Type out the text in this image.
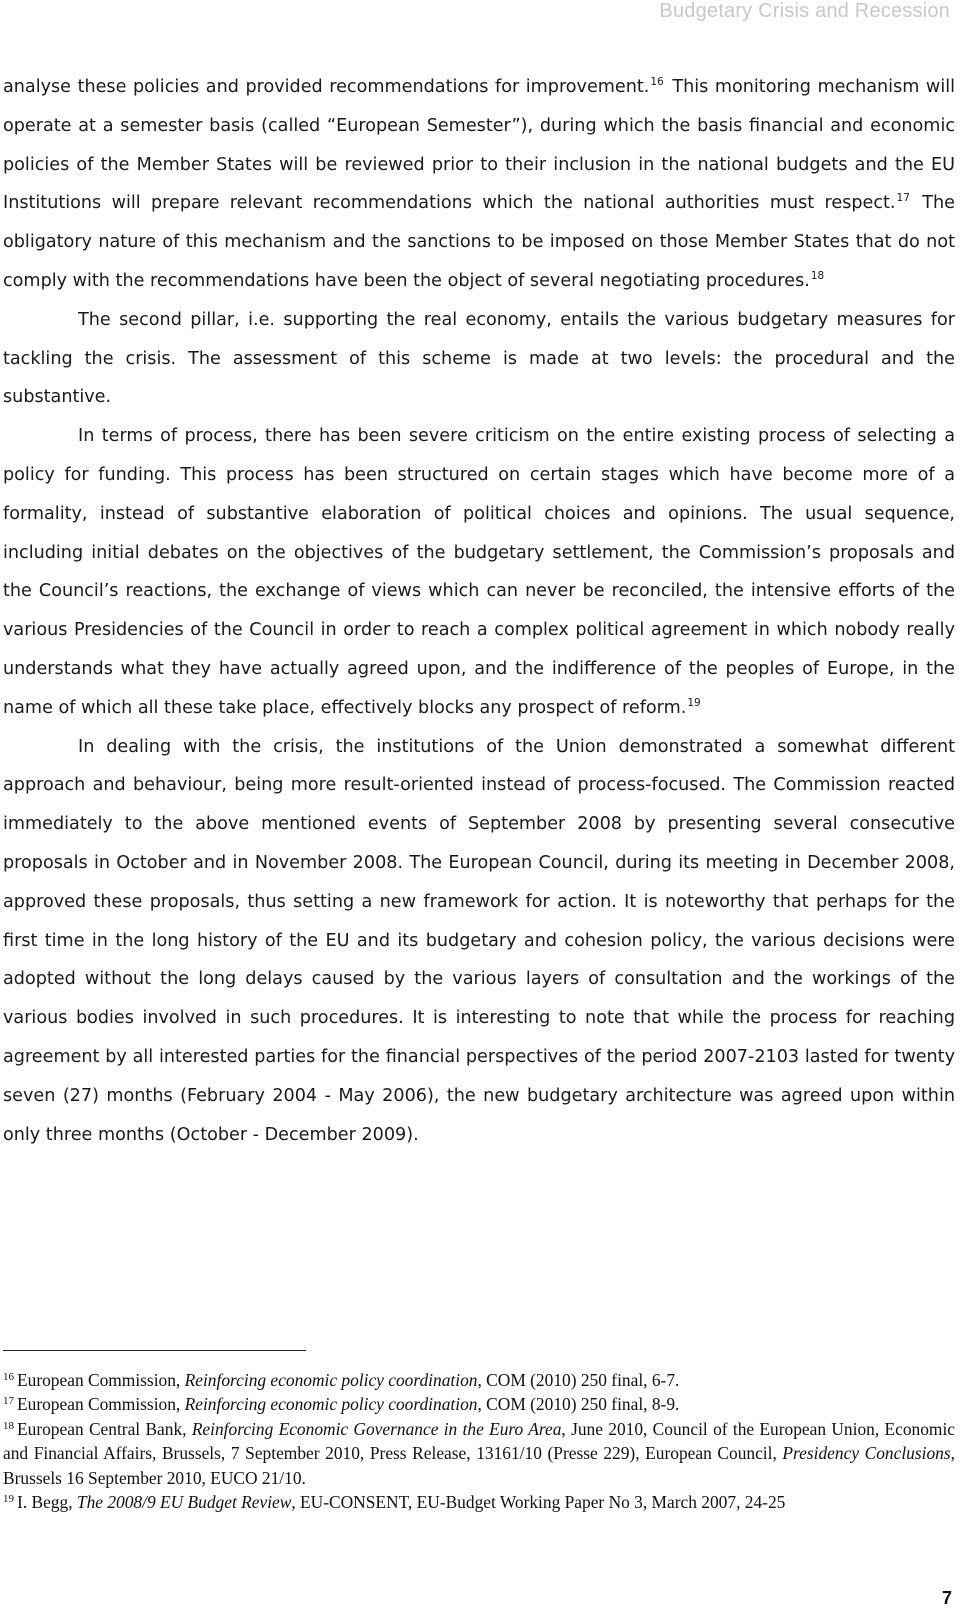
Budgetary Crisis and Recession

analyse these policies and provided recommendations for improvement.$^{16}$ This monitoring mechanism will operate at a semester basis (called “European Semester”), during which the basis financial and economic policies of the Member States will be reviewed prior to their inclusion in the national budgets and the EU Institutions will prepare relevant recommendations which the national authorities must respect.$^{17}$ The obligatory nature of this mechanism and the sanctions to be imposed on those Member States that do not comply with the recommendations have been the object of several negotiating procedures.$^{18}$

The second pillar, i.e. supporting the real economy, entails the various budgetary measures for tackling the crisis. The assessment of this scheme is made at two levels: the procedural and the substantive.

In terms of process, there has been severe criticism on the entire existing process of selecting a policy for funding. This process has been structured on certain stages which have become more of a formality, instead of substantive elaboration of political choices and opinions. The usual sequence, including initial debates on the objectives of the budgetary settlement, the Commission’s proposals and the Council’s reactions, the exchange of views which can never be reconciled, the intensive efforts of the various Presidencies of the Council in order to reach a complex political agreement in which nobody really understands what they have actually agreed upon, and the indifference of the peoples of Europe, in the name of which all these take place, effectively blocks any prospect of reform.$^{19}$

In dealing with the crisis, the institutions of the Union demonstrated a somewhat different approach and behaviour, being more result-oriented instead of process-focused. The Commission reacted immediately to the above mentioned events of September 2008 by presenting several consecutive proposals in October and in November 2008. The European Council, during its meeting in December 2008, approved these proposals, thus setting a new framework for action. It is noteworthy that perhaps for the first time in the long history of the EU and its budgetary and cohesion policy, the various decisions were adopted without the long delays caused by the various layers of consultation and the workings of the various bodies involved in such procedures. It is interesting to note that while the process for reaching agreement by all interested parties for the financial perspectives of the period 2007-2103 lasted for twenty seven (27) months (February 2004 - May 2006), the new budgetary architecture was agreed upon within only three months (October - December 2009).

$^{16}$ European Commission, Reinforcing economic policy coordination, COM (2010) 250 final, 6-7.

$^{17}$ European Commission, Reinforcing economic policy coordination, COM (2010) 250 final, 8-9.

$^{18}$ European Central Bank, Reinforcing Economic Governance in the Euro Area, June 2010, Council of the European Union, Economic and Financial Affairs, Brussels, 7 September 2010, Press Release, 13161/10 (Presse 229), European Council, Presidency Conclusions, Brussels 16 September 2010, EUCO 21/10.

$^{19}$ I. Begg, The 2008/9 EU Budget Review, EU-CONSENT, EU-Budget Working Paper No 3, March 2007, 24-25

7
